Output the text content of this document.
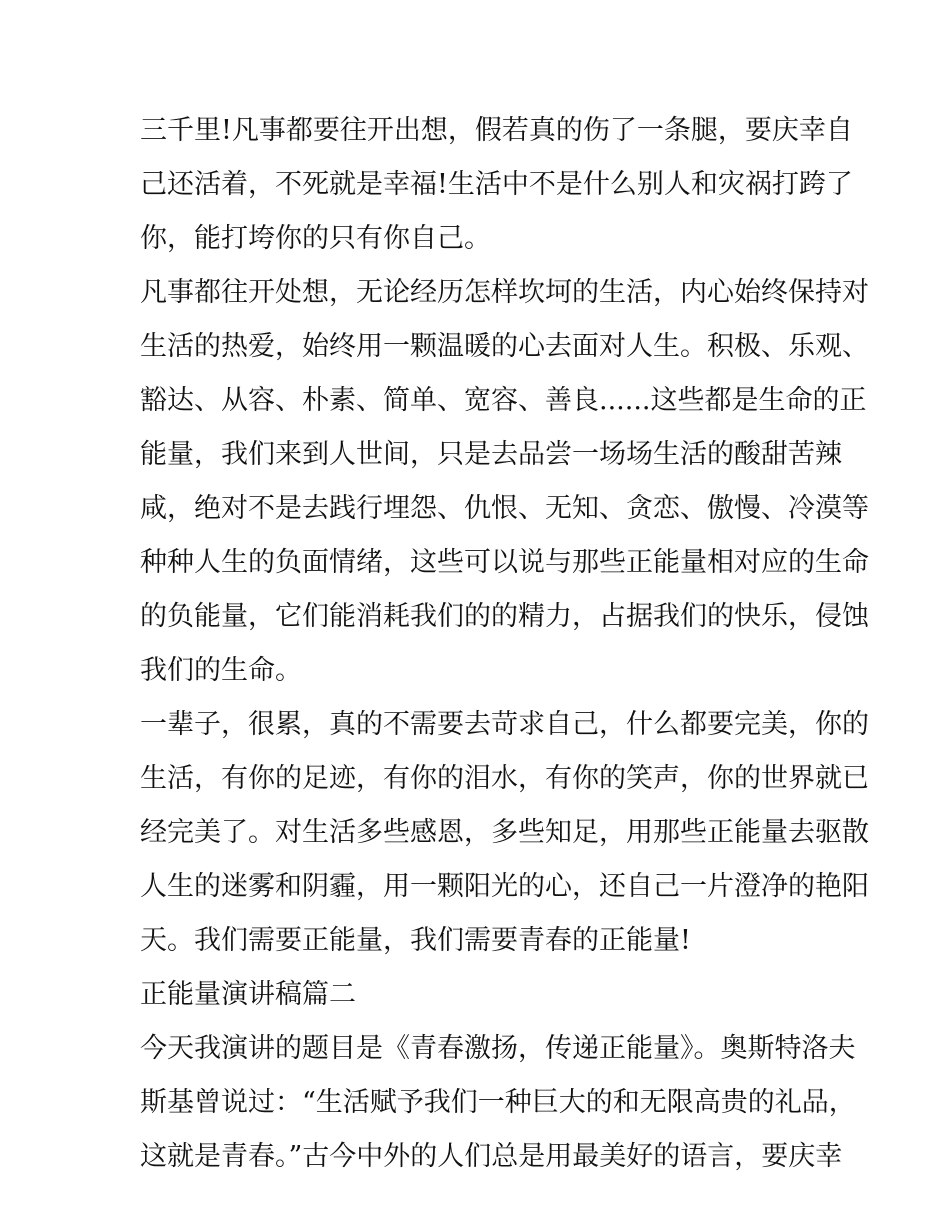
三千里!凡事都要往开出想，假若真的伤了一条腿，要庆幸自
己还活着，不死就是幸福!生活中不是什么别人和灾祸打跨了
你，能打垮你的只有你自己。
凡事都往开处想，无论经历怎样坎坷的生活，内心始终保持对
生活的热爱，始终用一颗温暖的心去面对人生。积极、乐观、
豁达、从容、朴素、简单、宽容、善良......这些都是生命的正
能量，我们来到人世间，只是去品尝一场场生活的酸甜苦辣
咸，绝对不是去践行埋怨、仇恨、无知、贪恋、傲慢、冷漠等
种种人生的负面情绪，这些可以说与那些正能量相对应的生命
的负能量，它们能消耗我们的的精力，占据我们的快乐，侵蚀
我们的生命。
一辈子，很累，真的不需要去苛求自己，什么都要完美，你的
生活，有你的足迹，有你的泪水，有你的笑声，你的世界就已
经完美了。对生活多些感恩，多些知足，用那些正能量去驱散
人生的迷雾和阴霾，用一颗阳光的心，还自己一片澄净的艳阳
天。我们需要正能量，我们需要青春的正能量!
正能量演讲稿篇二
今天我演讲的题目是《青春激扬，传递正能量》。奥斯特洛夫
斯基曾说过：“生活赋予我们一种巨大的和无限高贵的礼品，
这就是青春。”古今中外的人们总是用最美好的语言，要庆幸
